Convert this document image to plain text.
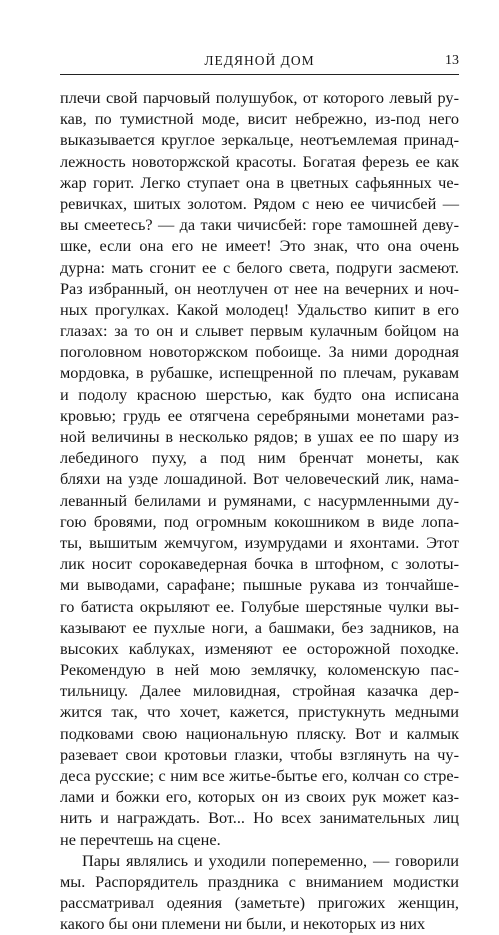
ЛЕДЯНОЙ ДОМ	13
плечи свой парчовый полушубок, от которого левый ру-
кав, по тумистной моде, висит небрежно, из-под него
выказывается круглое зеркальце, неотъемлемая принад-
лежность новоторжской красоты. Богатая ферезь ее как
жар горит. Легко ступает она в цветных сафьянных че-
ревичках, шитых золотом. Рядом с нею ее чичисбей —
вы смеетесь? — да таки чичисбей: горе тамошней деву-
шке, если она его не имеет! Это знак, что она очень
дурна: мать сгонит ее с белого света, подруги засмеют.
Раз избранный, он неотлучен от нее на вечерних и ноч-
ных прогулках. Какой молодец! Удальство кипит в его
глазах: за то он и слывет первым кулачным бойцом на
поголовном новоторжском побоище. За ними дородная
мордовка, в рубашке, испещренной по плечам, рукавам
и подолу красною шерстью, как будто она исписана
кровью; грудь ее отягчена серебряными монетами раз-
ной величины в несколько рядов; в ушах ее по шару из
лебединого пуху, а под ним бренчат монеты, как
бляхи на узде лошадиной. Вот человеческий лик, нама-
леванный белилами и румянами, с насурмленными ду-
гою бровями, под огромным кокошником в виде лопа-
ты, вышитым жемчугом, изумрудами и яхонтами. Этот
лик носит сорокаведерная бочка в штофном, с золоты-
ми выводами, сарафане; пышные рукава из тончайше-
го батиста окрыляют ее. Голубые шерстяные чулки вы-
казывают ее пухлые ноги, а башмаки, без задников, на
высоких каблуках, изменяют ее осторожной походке.
Рекомендую в ней мою землячку, коломенскую пас-
тильницу. Далее миловидная, стройная казачка дер-
жится так, что хочет, кажется, пристукнуть медными
подковами свою национальную пляску. Вот и калмык
разевает свои кротовьи глазки, чтобы взглянуть на чу-
деса русские; с ним все житье-бытье его, колчан со стре-
лами и божки его, которых он из своих рук может каз-
нить и награждать. Вот... Но всех занимательных лиц
не перечтешь на сцене.
Пары являлись и уходили попеременно, — говорили
мы. Распорядитель праздника с вниманием модистки
рассматривал одеяния (заметьте) пригожих женщин,
какого бы они племени ни были, и некоторых из них
